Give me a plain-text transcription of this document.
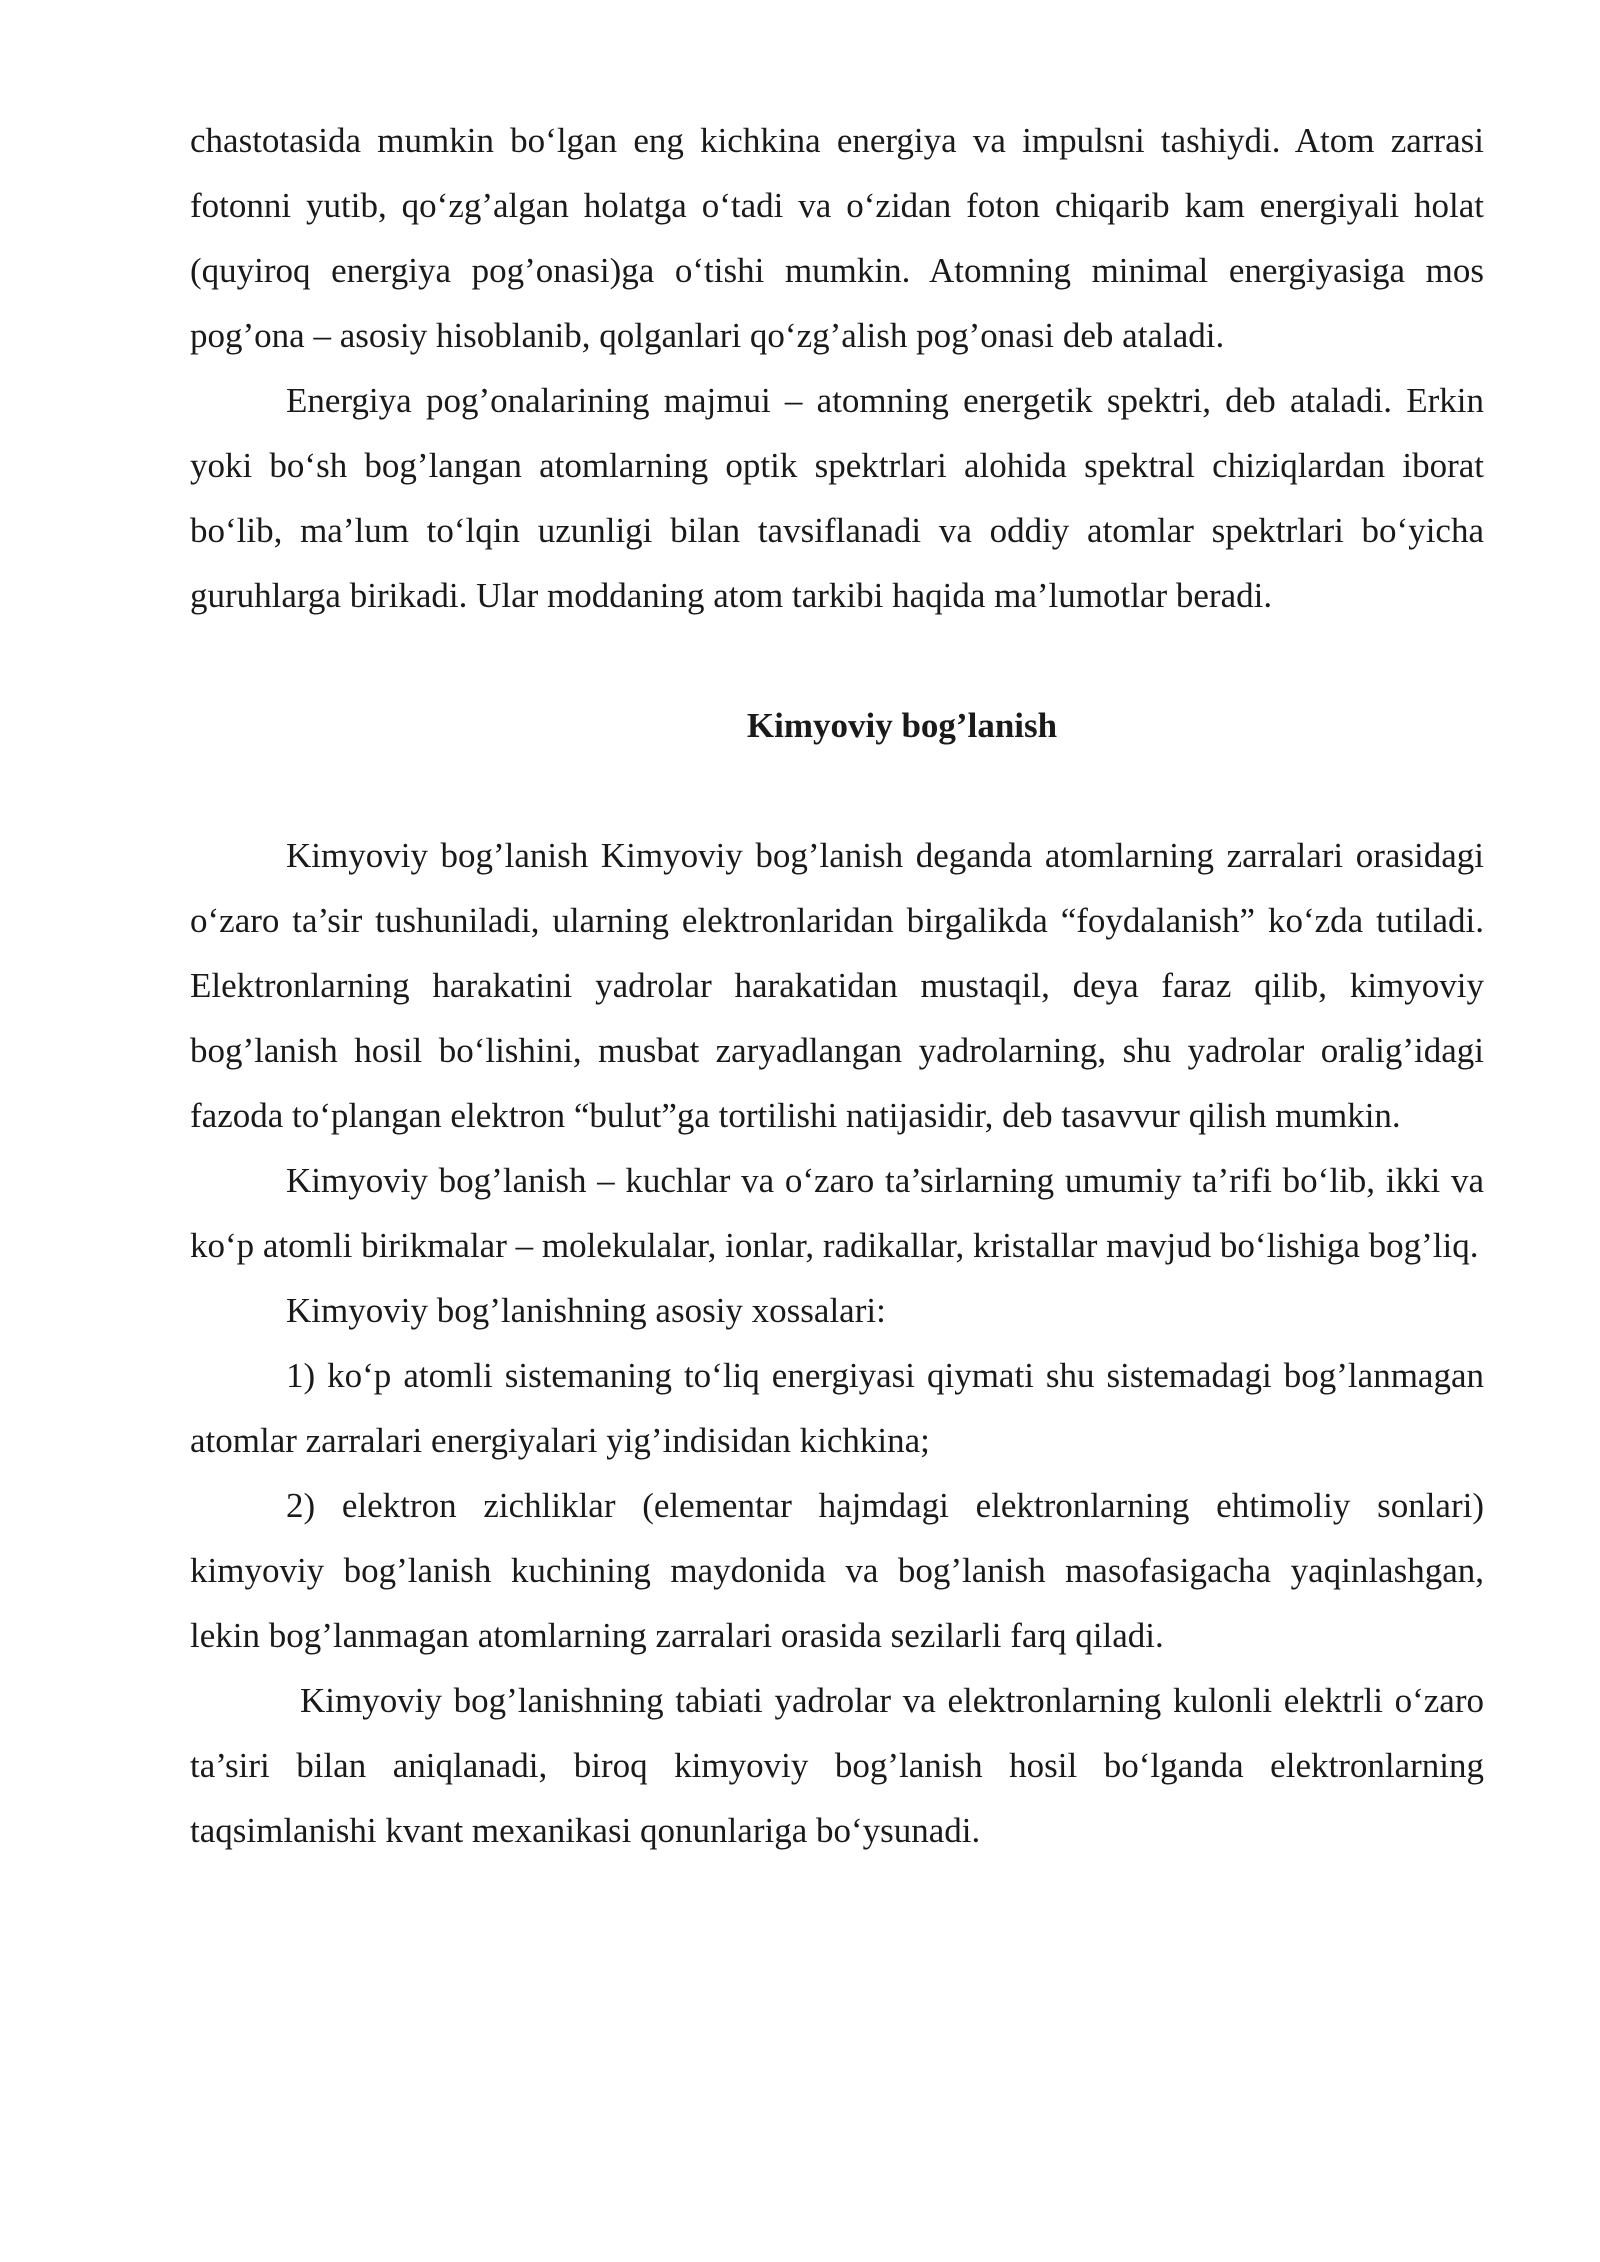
chastotasida mumkin bo‘lgan eng kichkina energiya va impulsni tashiydi. Atom zarrasi fotonni yutib, qo‘zg’algan holatga o‘tadi va o‘zidan foton chiqarib kam energiyali holat (quyiroq energiya pog’onasi)ga o‘tishi mumkin. Atomning minimal energiyasiga mos pog’ona – asosiy hisoblanib, qolganlari qo‘zg’alish pog’onasi deb ataladi.

Energiya pog’onalarining majmui – atomning energetik spektri, deb ataladi. Erkin yoki bo‘sh bog’langan atomlarning optik spektrlari alohida spektral chiziqlardan iborat bo‘lib, ma’lum to‘lqin uzunligi bilan tavsiflanadi va oddiy atomlar spektrlari bo‘yicha guruhlarga birikadi. Ular moddaning atom tarkibi haqida ma’lumotlar beradi.

Kimyoviy bog’lanish

Kimyoviy bog’lanish Kimyoviy bog’lanish deganda atomlarning zarralari orasidagi o‘zaro ta’sir tushuniladi, ularning elektronlaridan birgalikda “foydalanish” ko‘zda tutiladi. Elektronlarning harakatini yadrolar harakatidan mustaqil, deya faraz qilib, kimyoviy bog’lanish hosil bo‘lishini, musbat zaryadlangan yadrolarning, shu yadrolar oralig’idagi fazoda to‘plangan elektron “bulut”ga tortilishi natijasidir, deb tasavvur qilish mumkin.

Kimyoviy bog’lanish – kuchlar va o‘zaro ta’sirlarning umumiy ta’rifi bo‘lib, ikki va ko‘p atomli birikmalar – molekulalar, ionlar, radikallar, kristallar mavjud bo‘lishiga bog’liq.

Kimyoviy bog’lanishning asosiy xossalari:

1) ko‘p atomli sistemaning to‘liq energiyasi qiymati shu sistemadagi bog’lanmagan atomlar zarralari energiyalari yig’indisidan kichkina;

2) elektron zichliklar (elementar hajmdagi elektronlarning ehtimoliy sonlari) kimyoviy bog’lanish kuchining maydonida va bog’lanish masofasigacha yaqinlashgan, lekin bog’lanmagan atomlarning zarralari orasida sezilarli farq qiladi.

Kimyoviy bog’lanishning tabiati yadrolar va elektronlarning kulonli elektrli o‘zaro ta’siri bilan aniqlanadi, biroq kimyoviy bog’lanish hosil bo‘lganda elektronlarning taqsimlanishi kvant mexanikasi qonunlariga bo‘ysunadi.
